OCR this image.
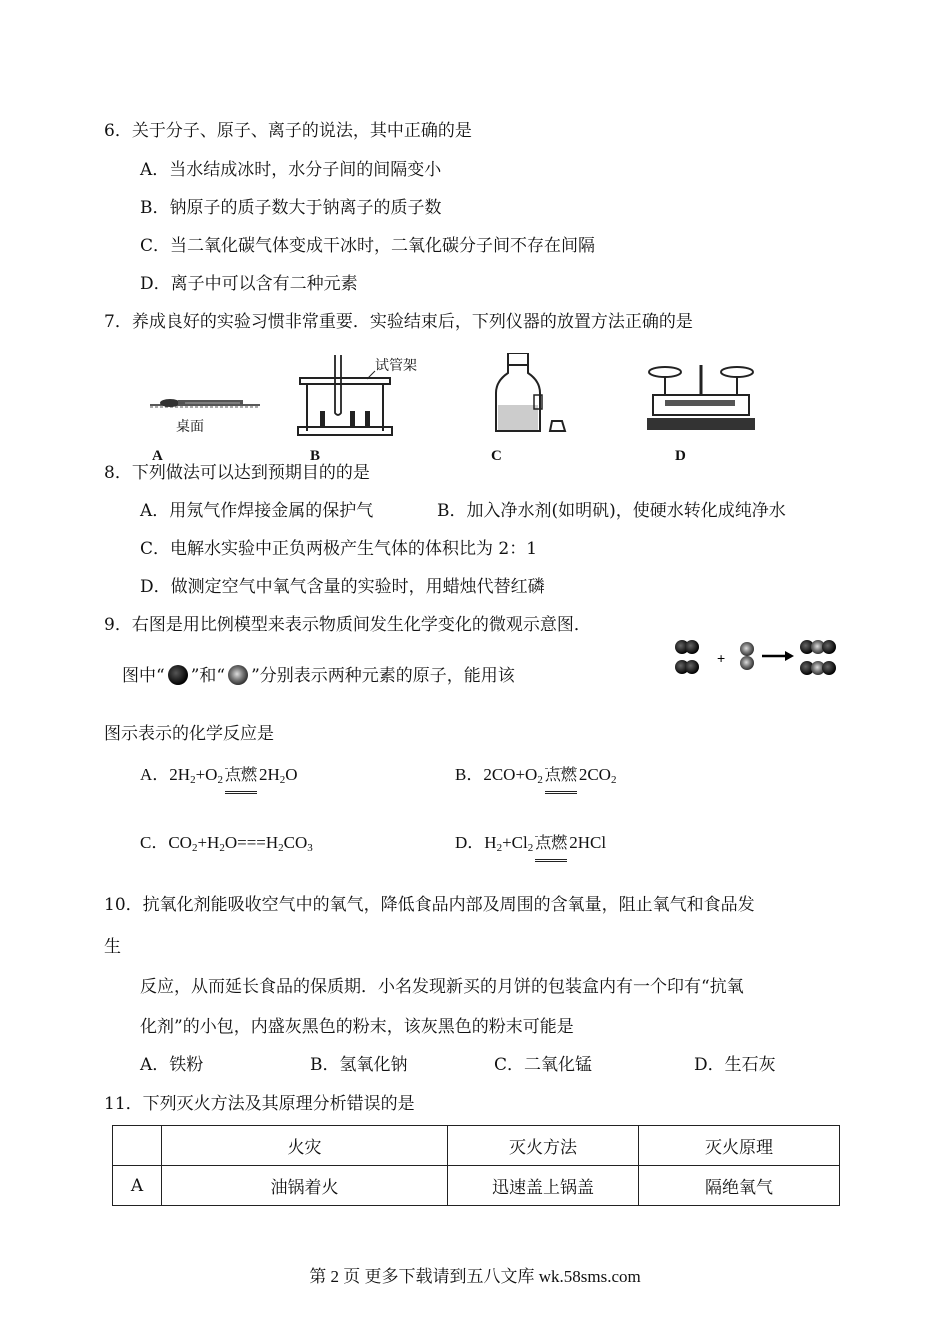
6．关于分子、原子、离子的说法，其中正确的是
A．当水结成冰时，水分子间的间隔变小
B．钠原子的质子数大于钠离子的质子数
C．当二氧化碳气体变成干冰时，二氧化碳分子间不存在间隔
D．离子中可以含有二种元素
7．养成良好的实验习惯非常重要．实验结束后，下列仪器的放置方法正确的是
桌面
A
试管架
B	C	D
8．下列做法可以达到预期目的的是
A．用氖气作焊接金属的保护气	B．加入净水剂(如明矾)，使硬水转化成纯净水
C．电解水实验中正负两极产生气体的体积比为 2：1
D．做测定空气中氧气含量的实验时，用蜡烛代替红磷
9．右图是用比例模型来表示物质间发生化学变化的微观示意图．
图中“ ”和“ ”分别表示两种元素的原子，能用该
+
图示表示的化学反应是
A．$2H_2+O_2$ 点燃 $2H_2O$	B．$2CO+O_2$ 点燃 $2CO_2$
C．$CO_2+H_2O===H_2CO_3$	D．$H_2+Cl_2$ 点燃 2HCl
10．抗氧化剂能吸收空气中的氧气，降低食品内部及周围的含氧量，阻止氧气和食品发
生
反应，从而延长食品的保质期．小名发现新买的月饼的包装盒内有一个印有“抗氧
化剂”的小包，内盛灰黑色的粉末，该灰黑色的粉末可能是
A．铁粉	B．氢氧化钠	C．二氧化锰	D．生石灰
11．下列灭火方法及其原理分析错误的是
	火灾	灭火方法	灭火原理
A	油锅着火	迅速盖上锅盖	隔绝氧气
第 2 页 更多下载请到五八文库 wk.58sms.com
